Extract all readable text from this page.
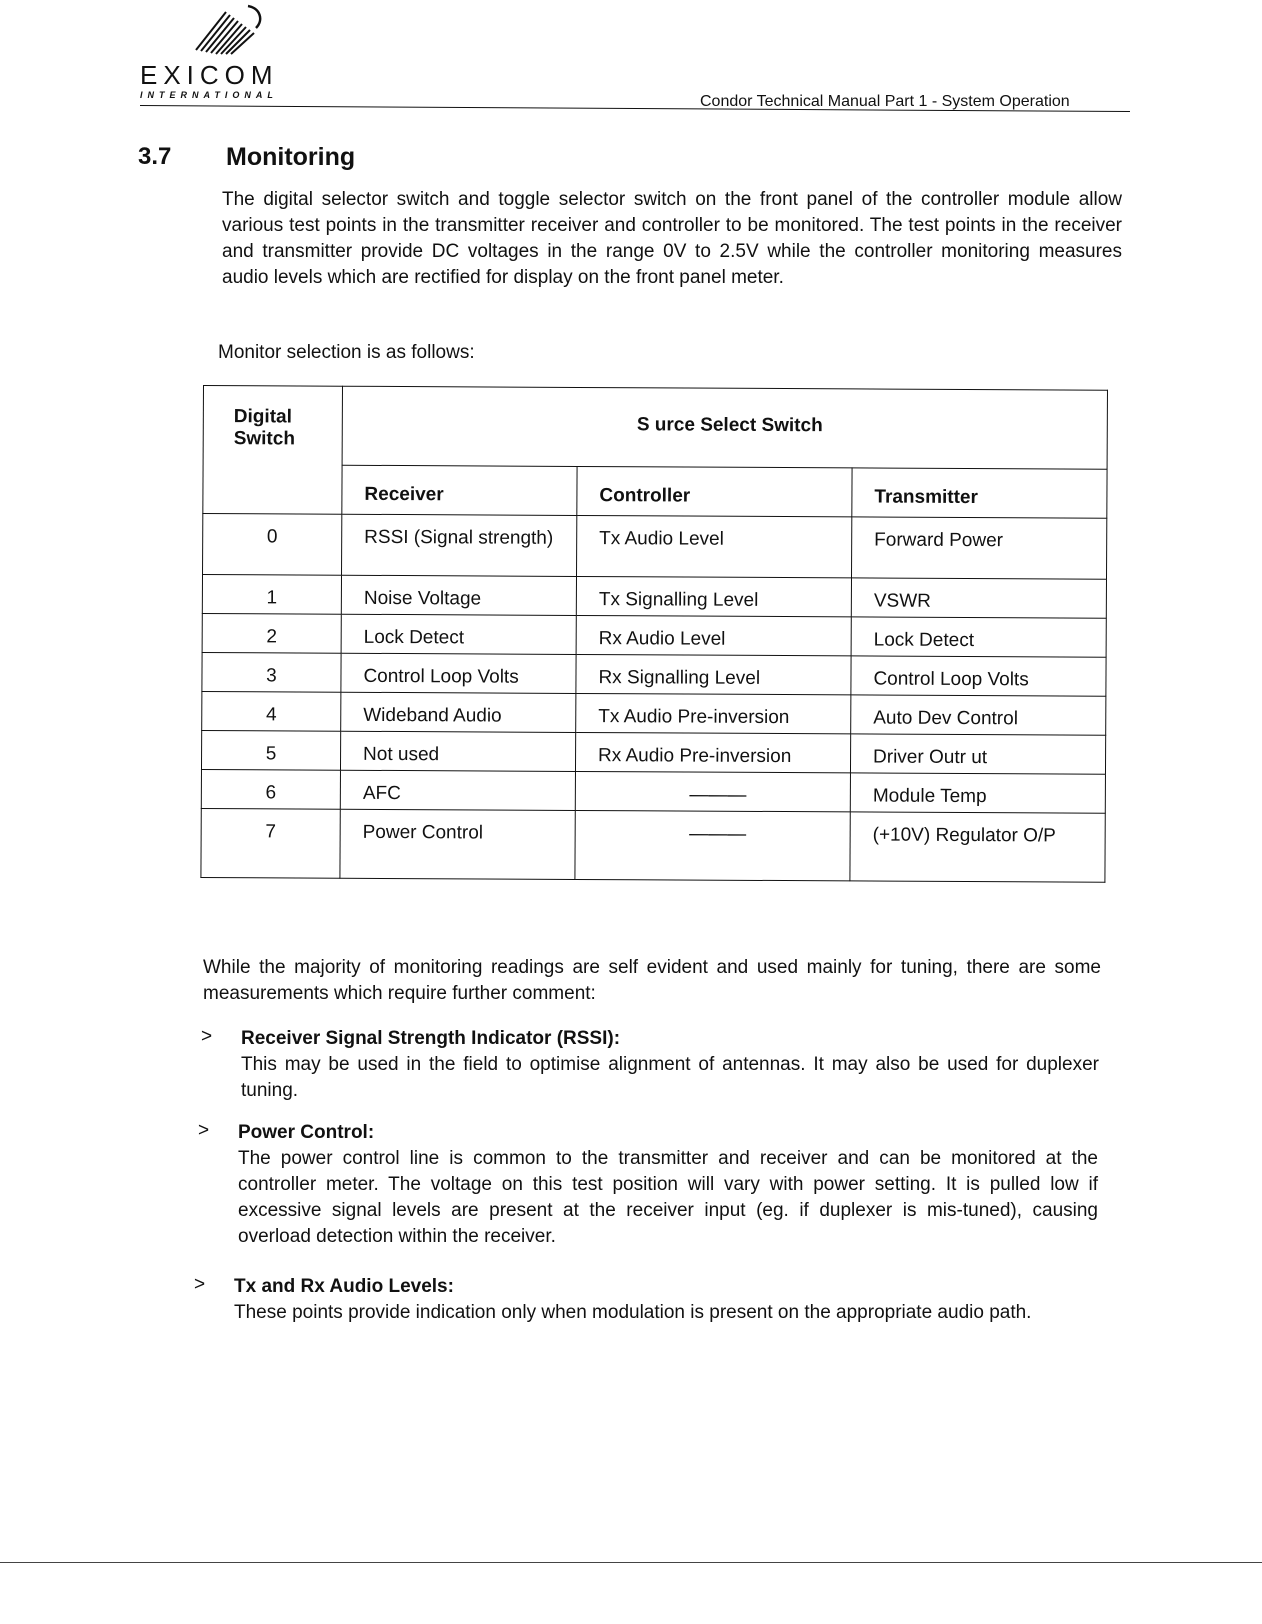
EXICOM
INTERNATIONAL	Condor Technical Manual Part 1 - System Operation
3.7 Monitoring
The digital selector switch and toggle selector switch on the front panel of the controller module allow various test points in the transmitter receiver and controller to be monitored. The test points in the receiver and transmitter provide DC voltages in the range 0V to 2.5V while the controller monitoring measures audio levels which are rectified for display on the front panel meter.
Monitor selection is as follows:
Digital Switch	S urce Select Switch		
	Receiver	Controller	Transmitter
0	RSSI (Signal strength)	Tx Audio Level	Forward Power
1	Noise Voltage	Tx Signalling Level	VSWR
2	Lock Detect	Rx Audio Level	Lock Detect
3	Control Loop Volts	Rx Signalling Level	Control Loop Volts
4	Wideband Audio	Tx Audio Pre-inversion	Auto Dev Control
5	Not used	Rx Audio Pre-inversion	Driver Outr ut
6	AFC	———	Module Temp
7	Power Control	———	(+10V) Regulator O/P
While the majority of monitoring readings are self evident and used mainly for tuning, there are some measurements which require further comment:
> Receiver Signal Strength Indicator (RSSI):
This may be used in the field to optimise alignment of antennas. It may also be used for duplexer tuning.
> Power Control:
The power control line is common to the transmitter and receiver and can be monitored at the controller meter. The voltage on this test position will vary with power setting. It is pulled low if excessive signal levels are present at the receiver input (eg. if duplexer is mis-tuned), causing overload detection within the receiver.
> Tx and Rx Audio Levels:
These points provide indication only when modulation is present on the appropriate audio path.
